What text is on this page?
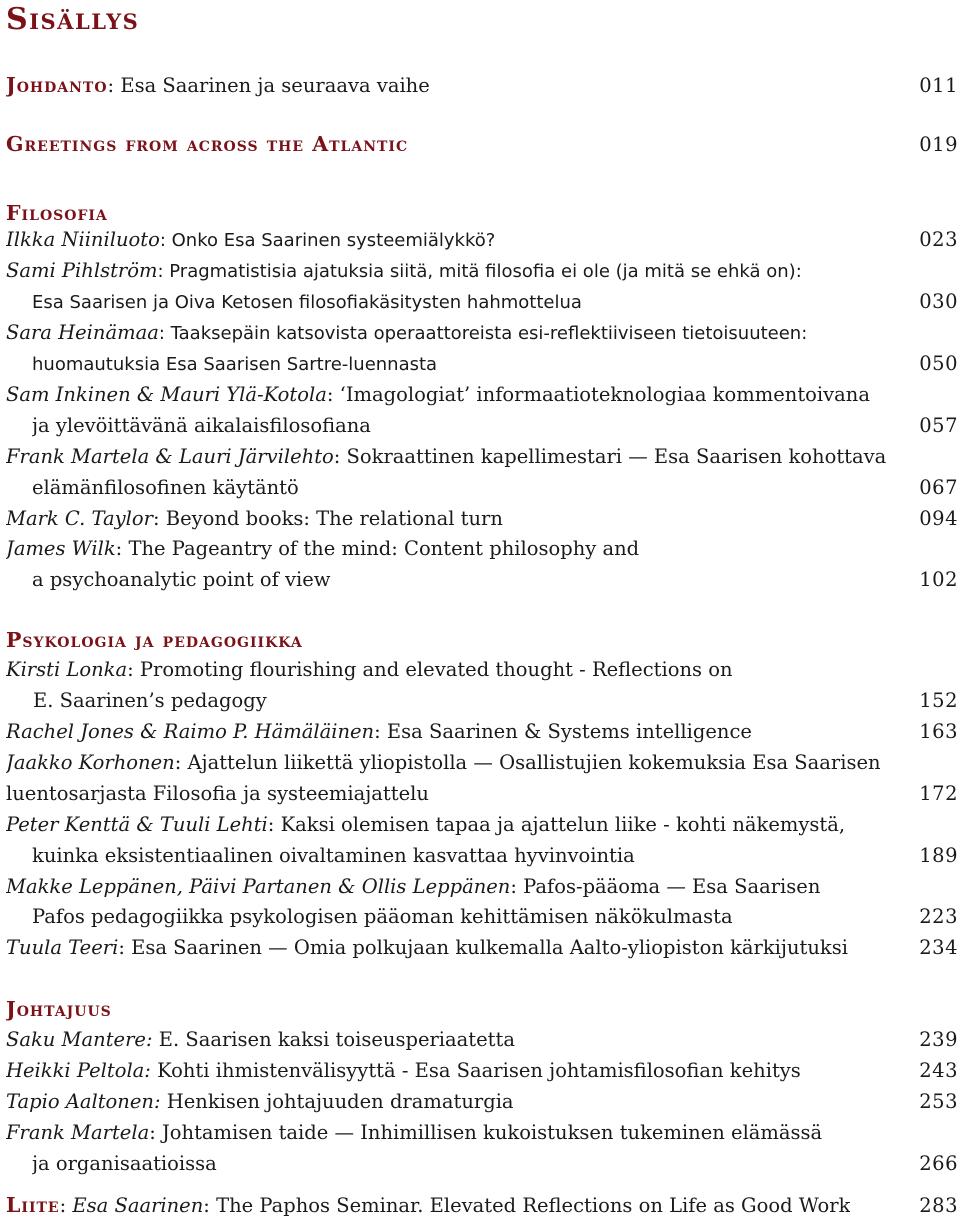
Sisällys
Johdanto: Esa Saarinen ja seuraava vaihe	011
Greetings from across the Atlantic	019
Filosofia
Ilkka Niiniluoto: Onko Esa Saarinen systeemiälykkö?	023
Sami Pihlström: Pragmatistisia ajatuksia siitä, mitä filosofia ei ole (ja mitä se ehkä on):
Esa Saarisen ja Oiva Ketosen filosofiakäsitysten hahmottelua	030
Sara Heinämaa: Taaksepäin katsovista operaattoreista esi-reflektiiviseen tietoisuuteen:
huomautuksia Esa Saarisen Sartre-luennasta	050
Sam Inkinen & Mauri Ylä-Kotola: ‘Imagologiat’ informaatioteknologiaa kommentoivana
ja ylevöittävänä aikalaisfilosofiana	057
Frank Martela & Lauri Järvilehto: Sokraattinen kapellimestari — Esa Saarisen kohottava
elämänfilosofinen käytäntö	067
Mark C. Taylor: Beyond books: The relational turn	094
James Wilk: The Pageantry of the mind: Content philosophy and
a psychoanalytic point of view	102
Psykologia ja pedagogiikka
Kirsti Lonka: Promoting flourishing and elevated thought - Reflections on
E. Saarinen’s pedagogy	152
Rachel Jones & Raimo P. Hämäläinen: Esa Saarinen & Systems intelligence	163
Jaakko Korhonen: Ajattelun liikettä yliopistolla — Osallistujien kokemuksia Esa Saarisen
luentosarjasta Filosofia ja systeemiajattelu	172
Peter Kenttä & Tuuli Lehti: Kaksi olemisen tapaa ja ajattelun liike - kohti näkemystä,
kuinka eksistentiaalinen oivaltaminen kasvattaa hyvinvointia	189
Makke Leppänen, Päivi Partanen & Ollis Leppänen: Pafos-pääoma — Esa Saarisen
Pafos pedagogiikka psykologisen pääoman kehittämisen näkökulmasta	223
Tuula Teeri: Esa Saarinen — Omia polkujaan kulkemalla Aalto-yliopiston kärkijutuksi	234
Johtajuus
Saku Mantere: E. Saarisen kaksi toiseusperiaatetta	239
Heikki Peltola: Kohti ihmistenvälisyyttä - Esa Saarisen johtamisfilosofian kehitys	243
Tapio Aaltonen: Henkisen johtajuuden dramaturgia	253
Frank Martela: Johtamisen taide — Inhimillisen kukoistuksen tukeminen elämässä
ja organisaatioissa	266
Liite: Esa Saarinen: The Paphos Seminar. Elevated Reflections on Life as Good Work	283
